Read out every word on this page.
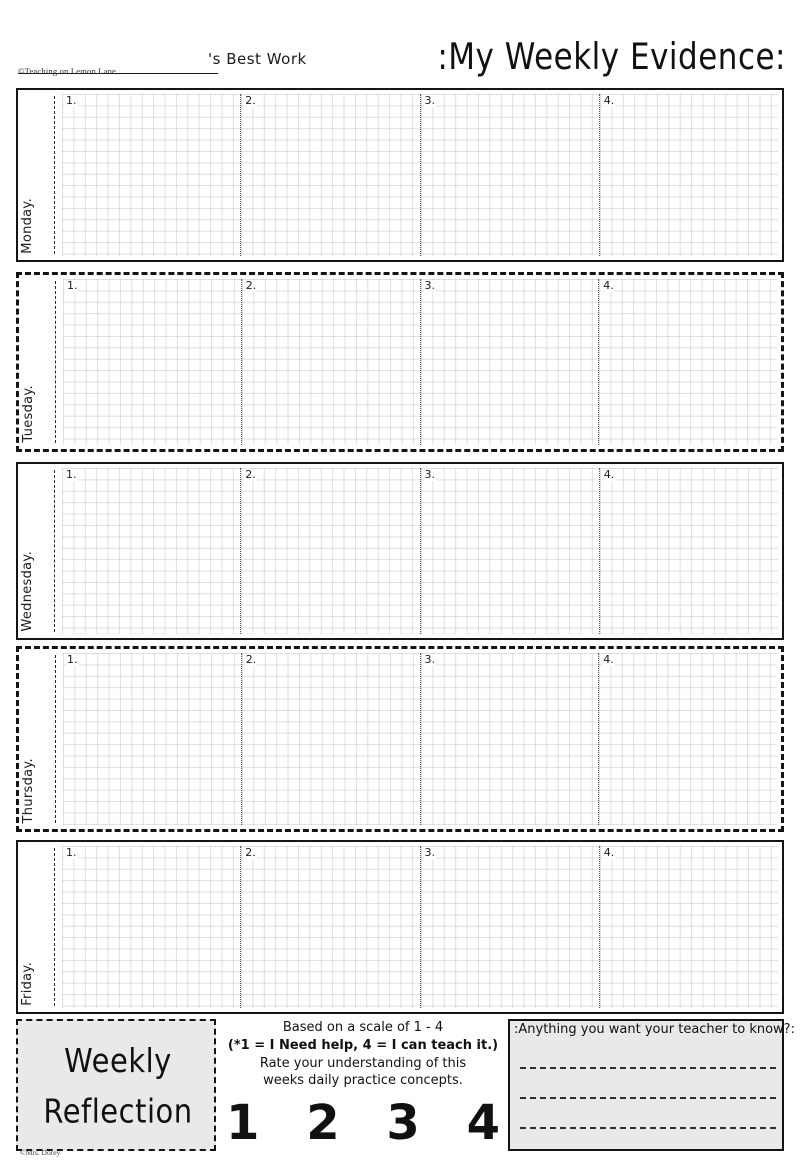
's Best Work
©Teaching on Lemon Lane	:My Weekly Evidence:
Monday.
1.	2.	3.	4.
Tuesday.
1.	2.	3.	4.
Wednesday.
1.	2.	3.	4.
Thursday.
1.	2.	3.	4.
Friday.
1.	2.	3.	4.
Weekly
Reflection
Based on a scale of 1 - 4
(*1 = I Need help, 4 = I can teach it.)
Rate your understanding of this
weeks daily practice concepts.
1 2 3 4
:Anything you want your teacher to know?:
©Mrs. Dorey
